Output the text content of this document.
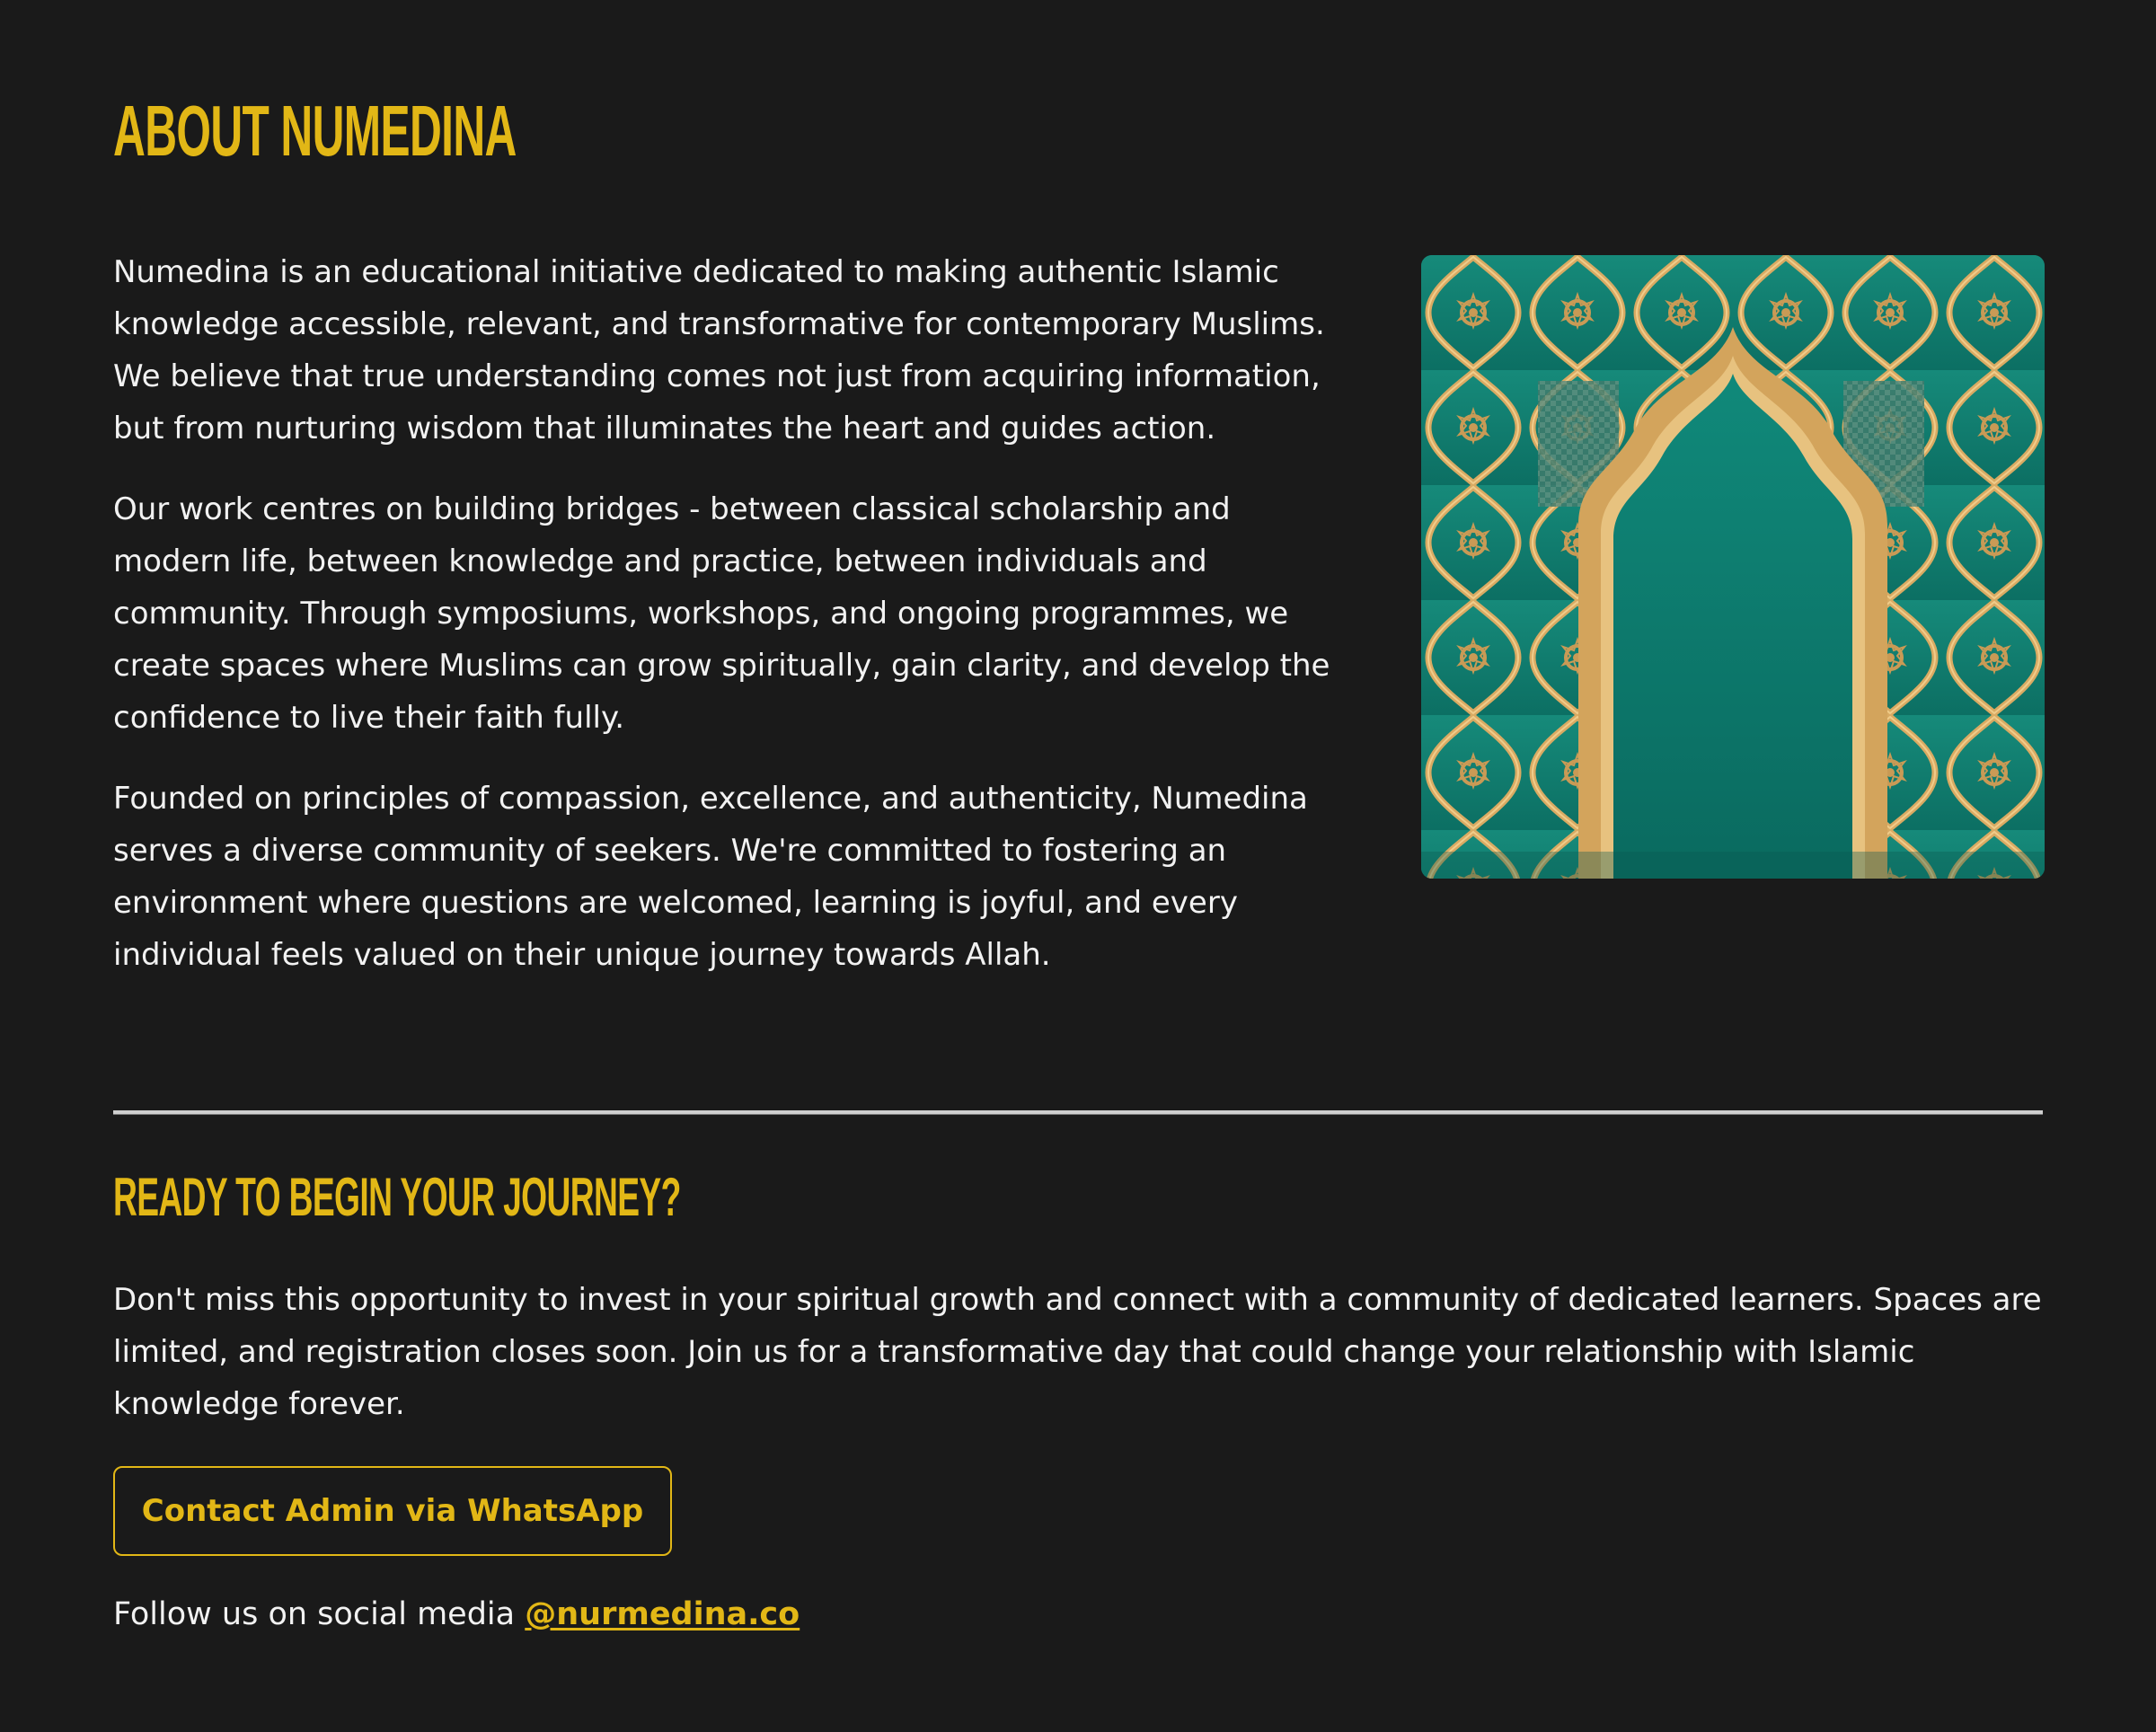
ABOUT NUMEDINA

Numedina is an educational initiative dedicated to making authentic Islamic knowledge accessible, relevant, and transformative for contemporary Muslims. We believe that true understanding comes not just from acquiring information, but from nurturing wisdom that illuminates the heart and guides action.

Our work centres on building bridges - between classical scholarship and modern life, between knowledge and practice, between individuals and community. Through symposiums, workshops, and ongoing programmes, we create spaces where Muslims can grow spiritually, gain clarity, and develop the confidence to live their faith fully.

Founded on principles of compassion, excellence, and authenticity, Numedina serves a diverse community of seekers. We're committed to fostering an environment where questions are welcomed, learning is joyful, and every individual feels valued on their unique journey towards Allah.

READY TO BEGIN YOUR JOURNEY?

Don't miss this opportunity to invest in your spiritual growth and connect with a community of dedicated learners. Spaces are limited, and registration closes soon. Join us for a transformative day that could change your relationship with Islamic knowledge forever.

Contact Admin via WhatsApp

Follow us on social media @nurmedina.co
